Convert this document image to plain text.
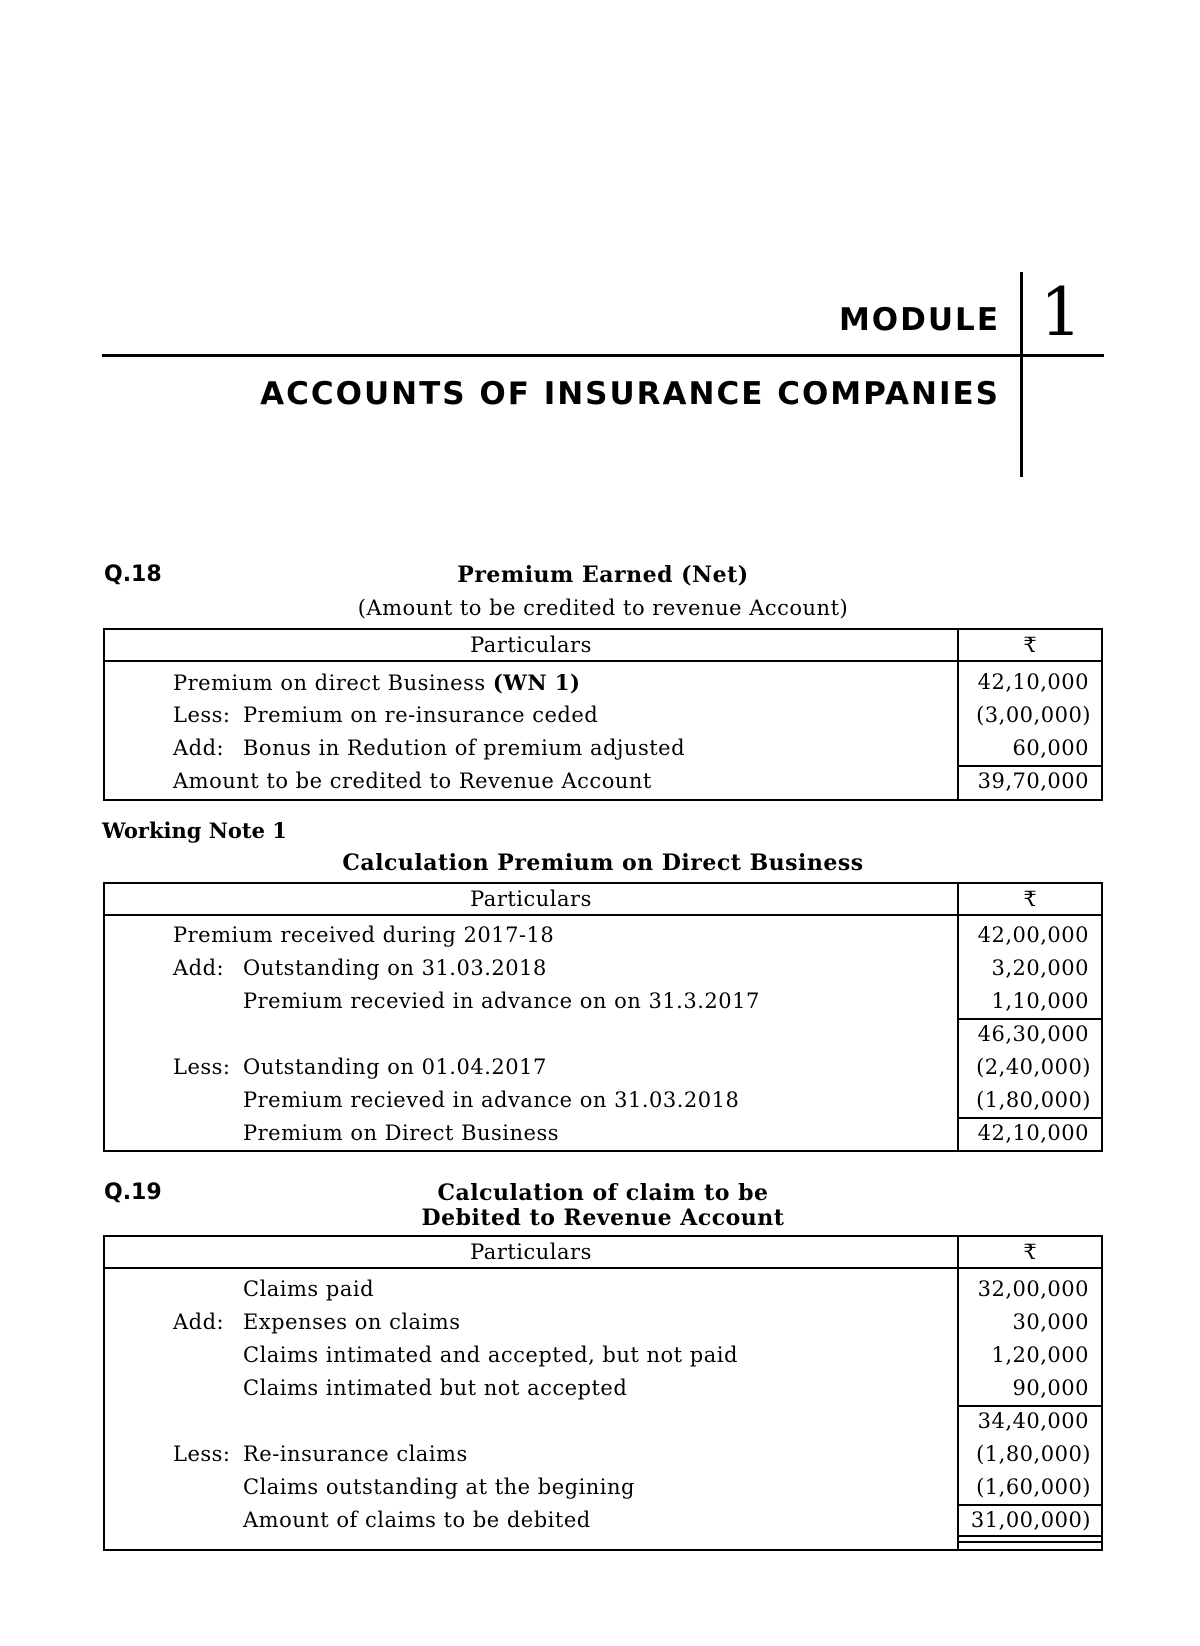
MODULE 1
ACCOUNTS OF INSURANCE COMPANIES
Q.18	Premium Earned (Net)
(Amount to be credited to revenue Account)
Particulars	₹
Premium on direct Business (WN 1)	42,10,000
Less: Premium on re-insurance ceded	(3,00,000)
Add: Bonus in Redution of premium adjusted	60,000
Amount to be credited to Revenue Account	39,70,000
Working Note 1
Calculation Premium on Direct Business
Particulars	₹
Premium received during 2017-18	42,00,000
Add: Outstanding on 31.03.2018	3,20,000
Premium recevied in advance on on 31.3.2017	1,10,000
46,30,000
Less: Outstanding on 01.04.2017	(2,40,000)
Premium recieved in advance on 31.03.2018	(1,80,000)
Premium on Direct Business	42,10,000
Q.19	Calculation of claim to be
Debited to Revenue Account
Particulars	₹
Claims paid	32,00,000
Add: Expenses on claims	30,000
Claims intimated and accepted, but not paid	1,20,000
Claims intimated but not accepted	90,000
34,40,000
Less: Re-insurance claims	(1,80,000)
Claims outstanding at the begining	(1,60,000)
Amount of claims to be debited	31,00,000)
